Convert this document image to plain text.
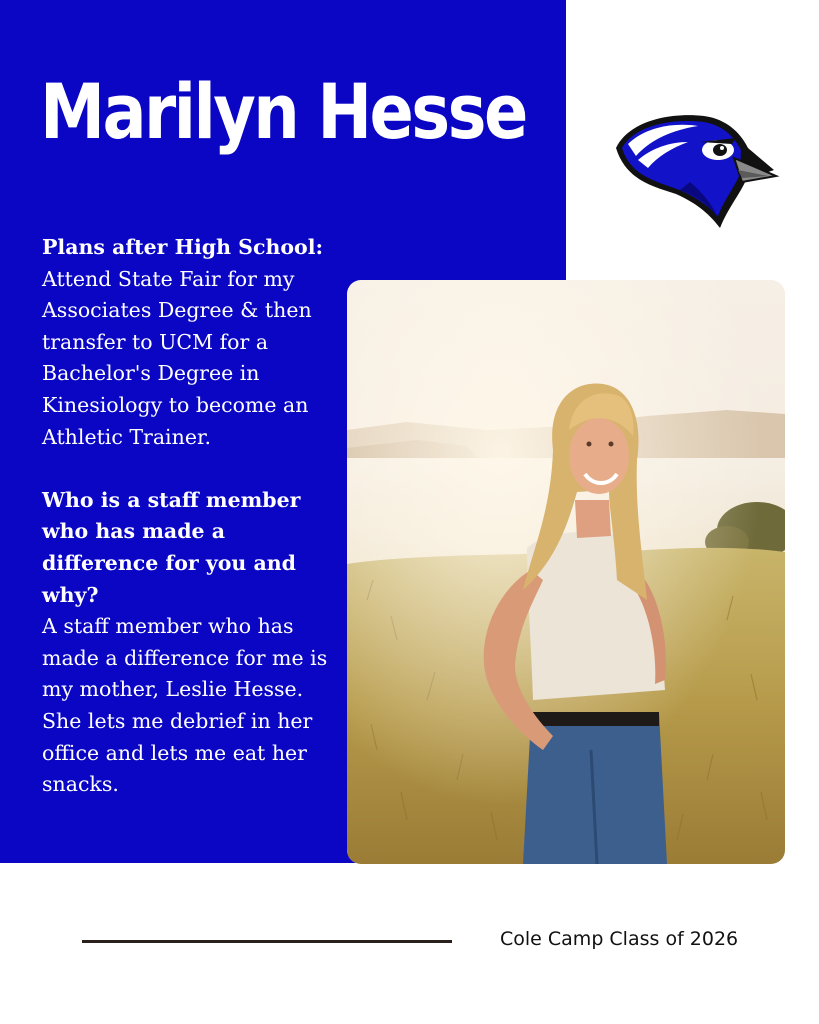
Marilyn Hesse
Plans after High School:
Attend State Fair for my Associates Degree & then transfer to UCM for a Bachelor's Degree in Kinesiology to become an Athletic Trainer.
Who is a staff member who has made a difference for you and why?
A staff member who has made a difference for me is my mother, Leslie Hesse. She lets me debrief in her office and lets me eat her snacks.
Cole Camp Class of 2026
